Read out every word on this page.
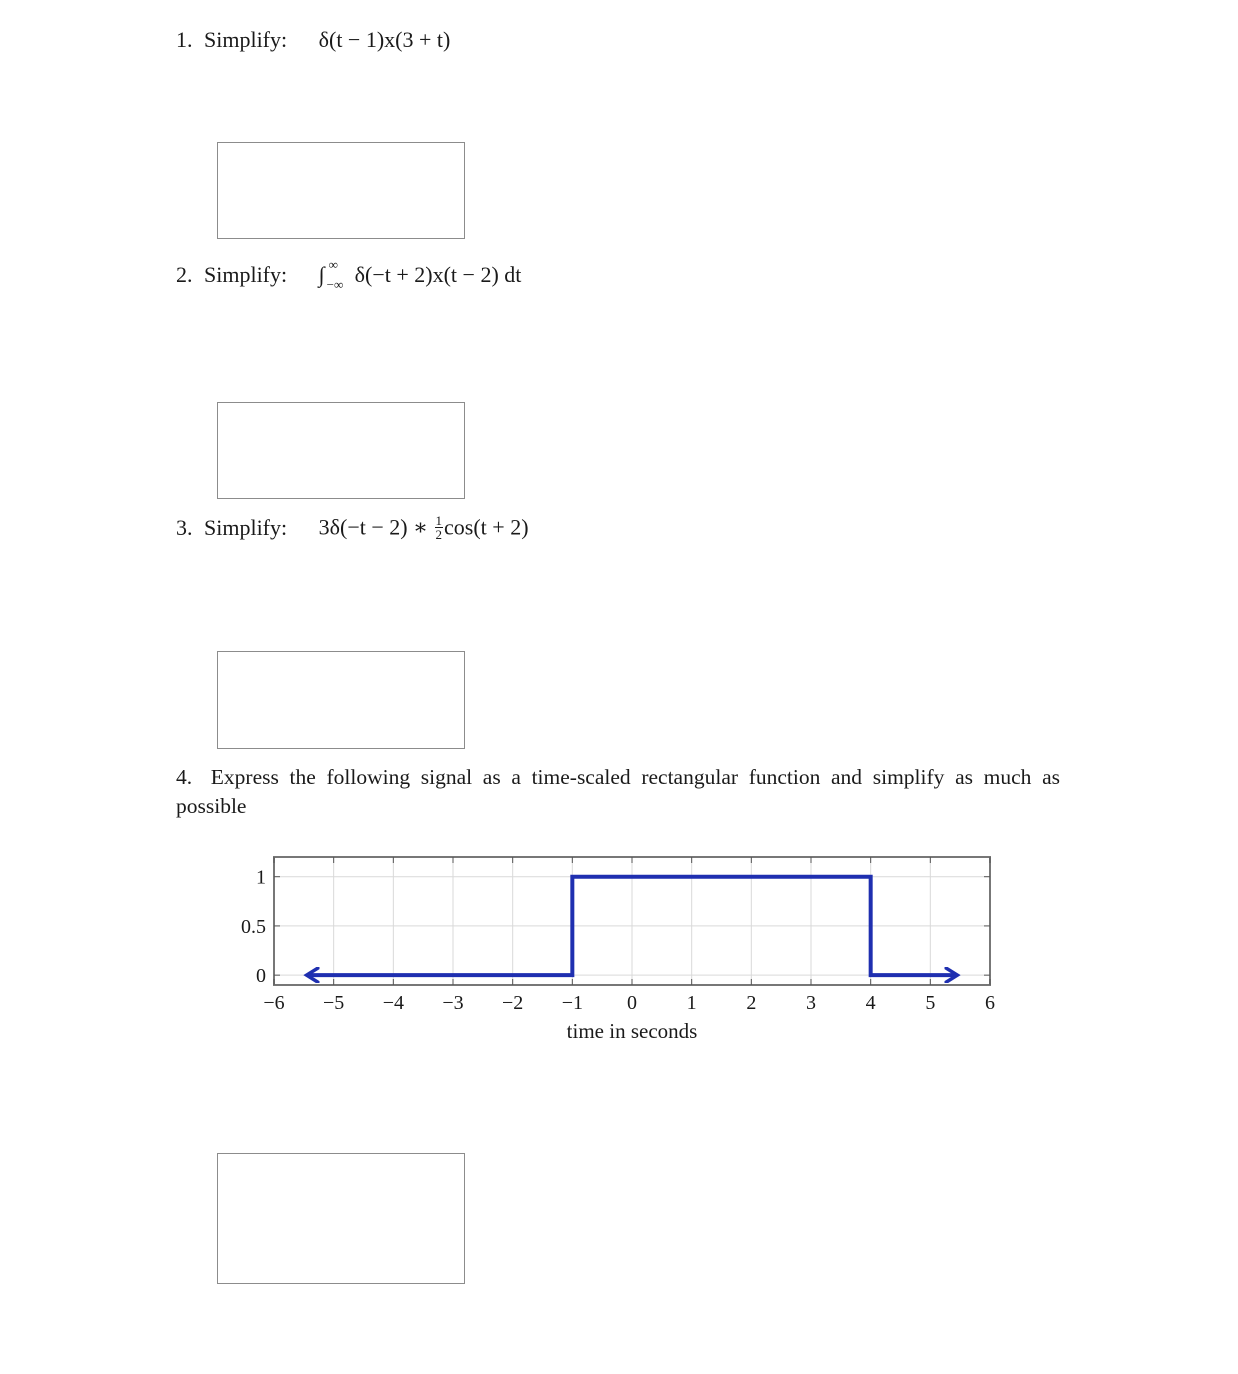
1. Simplify: δ(t − 1)x(3 + t)
2. Simplify: ∫ ∞
−∞ δ(−t + 2)x(t − 2) dt
3. Simplify: 3δ(−t − 2) ∗ $\frac{1}{2} \cos(t + 2)$
4. Express the following signal as a time-scaled rectangular function and simplify as much as possible
−6 −5 −4 −3 −2 −1 0 1 2 3 4 5 6
0
0.5
1
time in seconds
